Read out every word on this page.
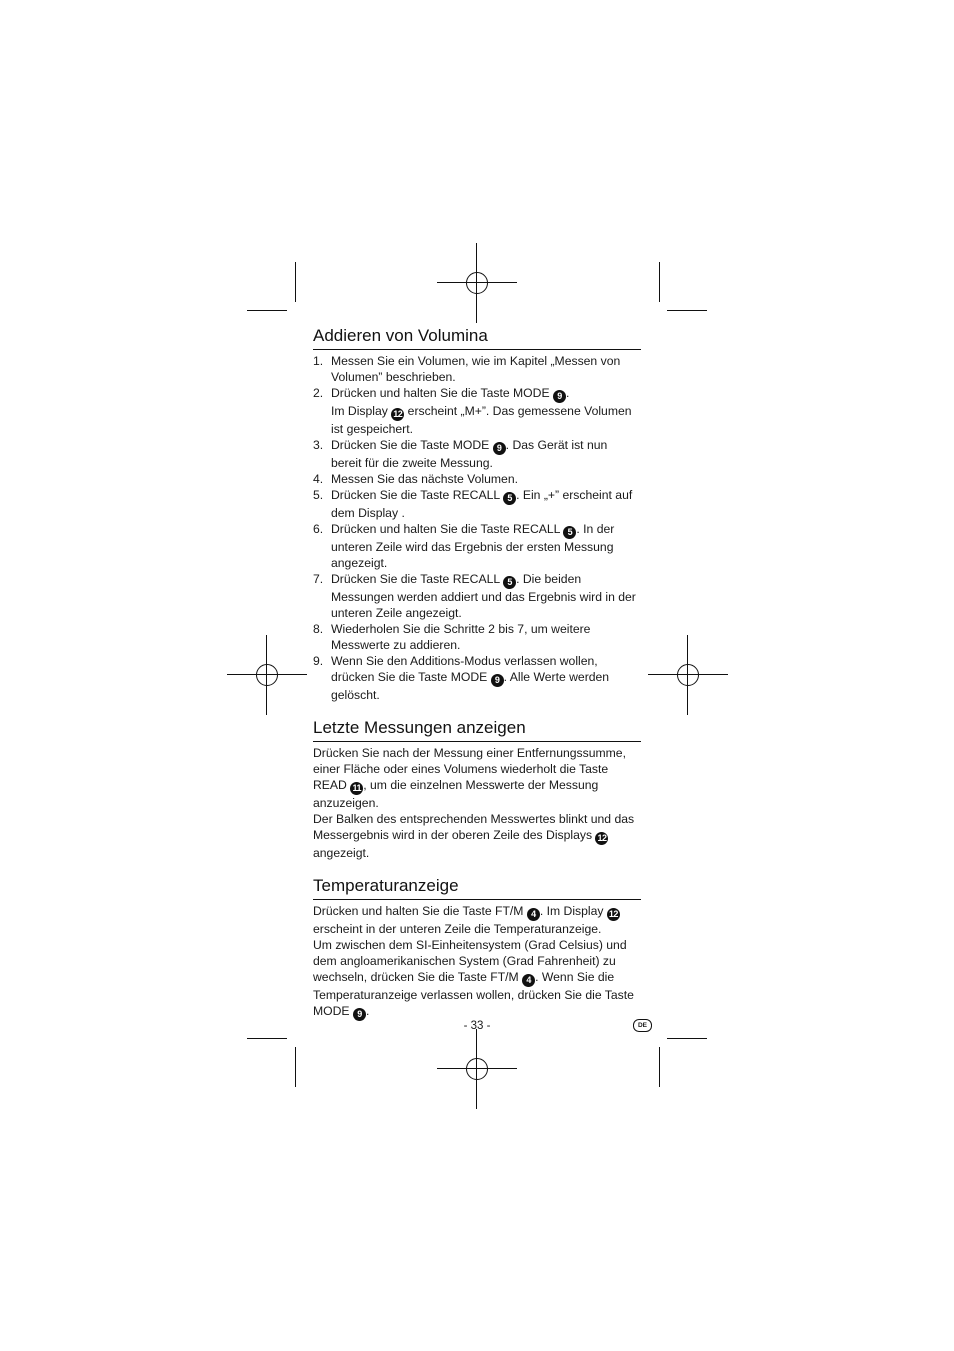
Addieren von Volumina
1. Messen Sie ein Volumen, wie im Kapitel „Messen von Volumen” beschrieben.
2. Drücken und halten Sie die Taste MODE 9 .
Im Display 12 erscheint „M+”. Das gemessene Volumen ist gespeichert.
3. Drücken Sie die Taste MODE 9 . Das Gerät ist nun bereit für die zweite Messung.
4. Messen Sie das nächste Volumen.
5. Drücken Sie die Taste RECALL 5 . Ein „+” erscheint auf dem Display .
6. Drücken und halten Sie die Taste RECALL 5 . In der unteren Zeile wird das Ergebnis der ersten Messung angezeigt.
7. Drücken Sie die Taste RECALL 5 . Die beiden Messungen werden addiert und das Ergebnis wird in der unteren Zeile angezeigt.
8. Wiederholen Sie die Schritte 2 bis 7, um weitere Messwerte zu addieren.
9. Wenn Sie den Additions-Modus verlassen wollen, drücken Sie die Taste MODE 9 . Alle Werte werden gelöscht.
Letzte Messungen anzeigen

Drücken Sie nach der Messung einer Entfernungssumme, einer Fläche oder eines Volumens wiederholt die Taste READ 11 , um die einzelnen Messwerte der Messung anzuzeigen.
Der Balken des entsprechenden Messwertes blinkt und das Messergebnis wird in der oberen Zeile des Displays 12 angezeigt.

Temperaturanzeige

Drücken und halten Sie die Taste FT/M 4 . Im Display 12 erscheint in der unteren Zeile die Temperaturanzeige.
Um zwischen dem SI-Einheitensystem (Grad Celsius) und dem angloamerikanischen System (Grad Fahrenheit) zu wechseln, drücken Sie die Taste FT/M 4 . Wenn Sie die Temperaturanzeige verlassen wollen, drücken Sie die Taste MODE 9 .

- 33 -	DE
